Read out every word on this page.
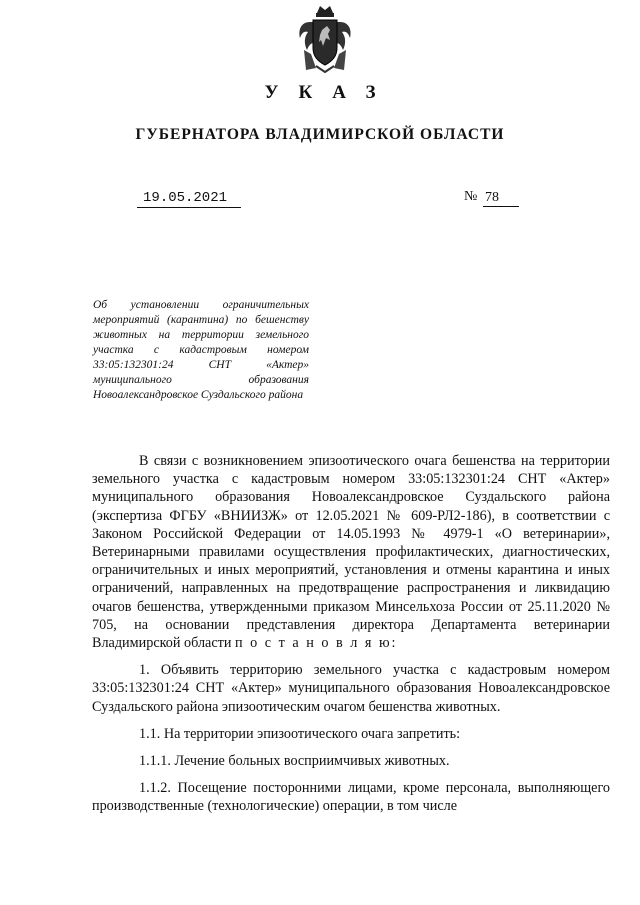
УКАЗ
ГУБЕРНАТОРА ВЛАДИМИРСКОЙ ОБЛАСТИ
19.05.2021	№ 78
Об установлении ограничительных мероприятий (карантина) по бешенству животных на территории земельного участка с кадастровым номером 33:05:132301:24 СНТ «Актер» муниципального образования Новоалександровское Суздальского района

В связи с возникновением эпизоотического очага бешенства на территории земельного участка с кадастровым номером 33:05:132301:24 СНТ «Актер» муниципального образования Новоалександровское Суздальского района (экспертиза ФГБУ «ВНИИЗЖ» от 12.05.2021 № 609-РЛ2-186), в соответствии с Законом Российской Федерации от 14.05.1993 № 4979-1 «О ветеринарии», Ветеринарными правилами осуществления профилактических, диагностических, ограничительных и иных мероприятий, установления и отмены карантина и иных ограничений, направленных на предотвращение распространения и ликвидацию очагов бешенства, утвержденными приказом Минсельхоза России от 25.11.2020 № 705, на основании представления директора Департамента ветеринарии Владимирской области п о с т а н о в л я ю:

1. Объявить территорию земельного участка с кадастровым номером 33:05:132301:24 СНТ «Актер» муниципального образования Новоалександровское Суздальского района эпизоотическим очагом бешенства животных.

1.1. На территории эпизоотического очага запретить:

1.1.1. Лечение больных восприимчивых животных.

1.1.2. Посещение посторонними лицами, кроме персонала, выполняющего производственные (технологические) операции, в том числе
